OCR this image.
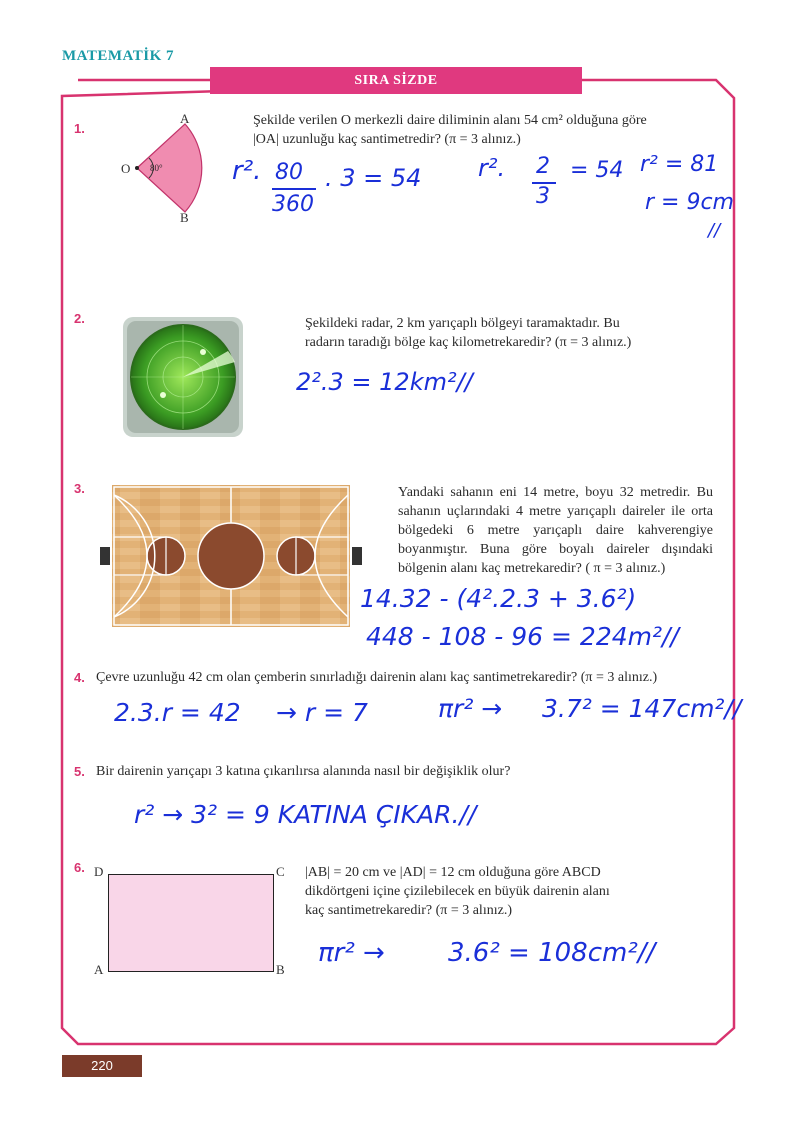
MATEMATİK 7
SIRA SİZDE
1.
Şekilde verilen O merkezli daire diliminin alanı 54 cm² olduğuna göre
|OA| uzunluğu kaç santimetredir? (π = 3 alınız.)
A
B
O 80°	r². 80
360
. 3 = 54 r². 2
3
= 54 r² = 81
r = 9cm
//
2.	Şekildeki radar, 2 km yarıçaplı bölgeyi taramaktadır. Bu
radarın taradığı bölge kaç kilometrekaredir? (π = 3 alınız.)
2².3 = 12km²//
3.	Yandaki sahanın eni 14 metre, boyu 32 metredir. Bu sahanın uçlarındaki 4 metre yarıçaplı daireler ile orta bölgedeki 6 metre yarıçaplı daire kahverengiye boyanmıştır. Buna göre boyalı daireler dışındaki bölgenin alanı kaç metrekaredir? ( π = 3 alınız.)
14.32 - (4².2.3 + 3.6²)
448 - 108 - 96 = 224m²//
4. Çevre uzunluğu 42 cm olan çemberin sınırladığı dairenin alanı kaç santimetrekaredir? (π = 3 alınız.)
2.3.r = 42 → r = 7	πr² → 3.7² = 147cm²//
5. Bir dairenin yarıçapı 3 katına çıkarılırsa alanında nasıl bir değişiklik olur?
r² → 3² = 9 KATINA ÇIKAR.//
6.	|AB| = 20 cm ve |AD| = 12 cm olduğuna göre ABCD
dikdörtgeni içine çizilebilecek en büyük dairenin alanı
kaç santimetrekaredir? (π = 3 alınız.)
D	C
A	B
πr² → 3.6² = 108cm²//
220
